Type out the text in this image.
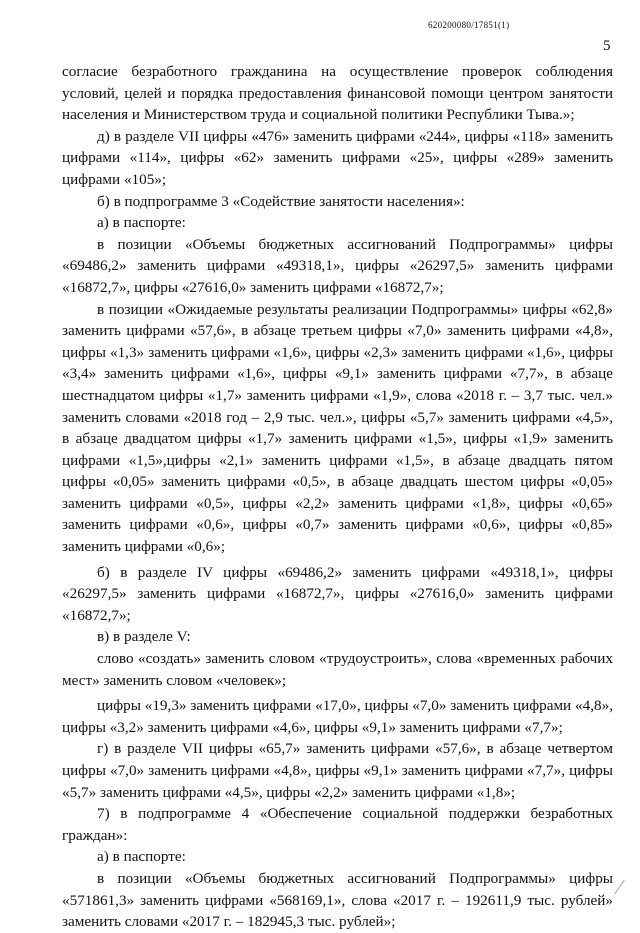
620200080/17851(1)
5

согласие безработного гражданина на осуществление проверок соблюдения условий, целей и порядка предоставления финансовой помощи центром занятости населения и Министерством труда и социальной политики Республики Тыва.»;

д) в разделе VII цифры «476» заменить цифрами «244», цифры «118» заменить цифрами «114», цифры «62» заменить цифрами «25», цифры «289» заменить цифрами «105»;

б) в подпрограмме 3 «Содействие занятости населения»:

а) в паспорте:

в позиции «Объемы бюджетных ассигнований Подпрограммы» цифры «69486,2» заменить цифрами «49318,1», цифры «26297,5» заменить цифрами «16872,7», цифры «27616,0» заменить цифрами «16872,7»;

в позиции «Ожидаемые результаты реализации Подпрограммы» цифры «62,8» заменить цифрами «57,6», в абзаце третьем цифры «7,0» заменить цифрами «4,8», цифры «1,3» заменить цифрами «1,6», цифры «2,3» заменить цифрами «1,6», цифры «3,4» заменить цифрами «1,6», цифры «9,1» заменить цифрами «7,7», в абзаце шестнадцатом цифры «1,7» заменить цифрами «1,9», слова «2018 г. – 3,7 тыс. чел.» заменить словами «2018 год – 2,9 тыс. чел.», цифры «5,7» заменить цифрами «4,5», в абзаце двадцатом цифры «1,7» заменить цифрами «1,5», цифры «1,9» заменить цифрами «1,5»,цифры «2,1» заменить цифрами «1,5», в абзаце двадцать пятом цифры «0,05» заменить цифрами «0,5», в абзаце двадцать шестом цифры «0,05» заменить цифрами «0,5», цифры «2,2» заменить цифрами «1,8», цифры «0,65» заменить цифрами «0,6», цифры «0,7» заменить цифрами «0,6», цифры «0,85» заменить цифрами «0,6»;

б) в разделе IV цифры «69486,2» заменить цифрами «49318,1», цифры «26297,5» заменить цифрами «16872,7», цифры «27616,0» заменить цифрами «16872,7»;

в) в разделе V:

слово «создать» заменить словом «трудоустроить», слова «временных рабочих мест» заменить словом «человек»;

цифры «19,3» заменить цифрами «17,0», цифры «7,0» заменить цифрами «4,8», цифры «3,2» заменить цифрами «4,6», цифры «9,1» заменить цифрами «7,7»;

г) в разделе VII цифры «65,7» заменить цифрами «57,6», в абзаце четвертом цифры «7,0» заменить цифрами «4,8», цифры «9,1» заменить цифрами «7,7», цифры «5,7» заменить цифрами «4,5», цифры «2,2» заменить цифрами «1,8»;

7) в подпрограмме 4 «Обеспечение социальной поддержки безработных граждан»:

а) в паспорте:

в позиции «Объемы бюджетных ассигнований Подпрограммы» цифры «571861,3» заменить цифрами «568169,1», слова «2017 г. – 192611,9 тыс. рублей» заменить словами «2017 г. – 182945,3 тыс. рублей»;
